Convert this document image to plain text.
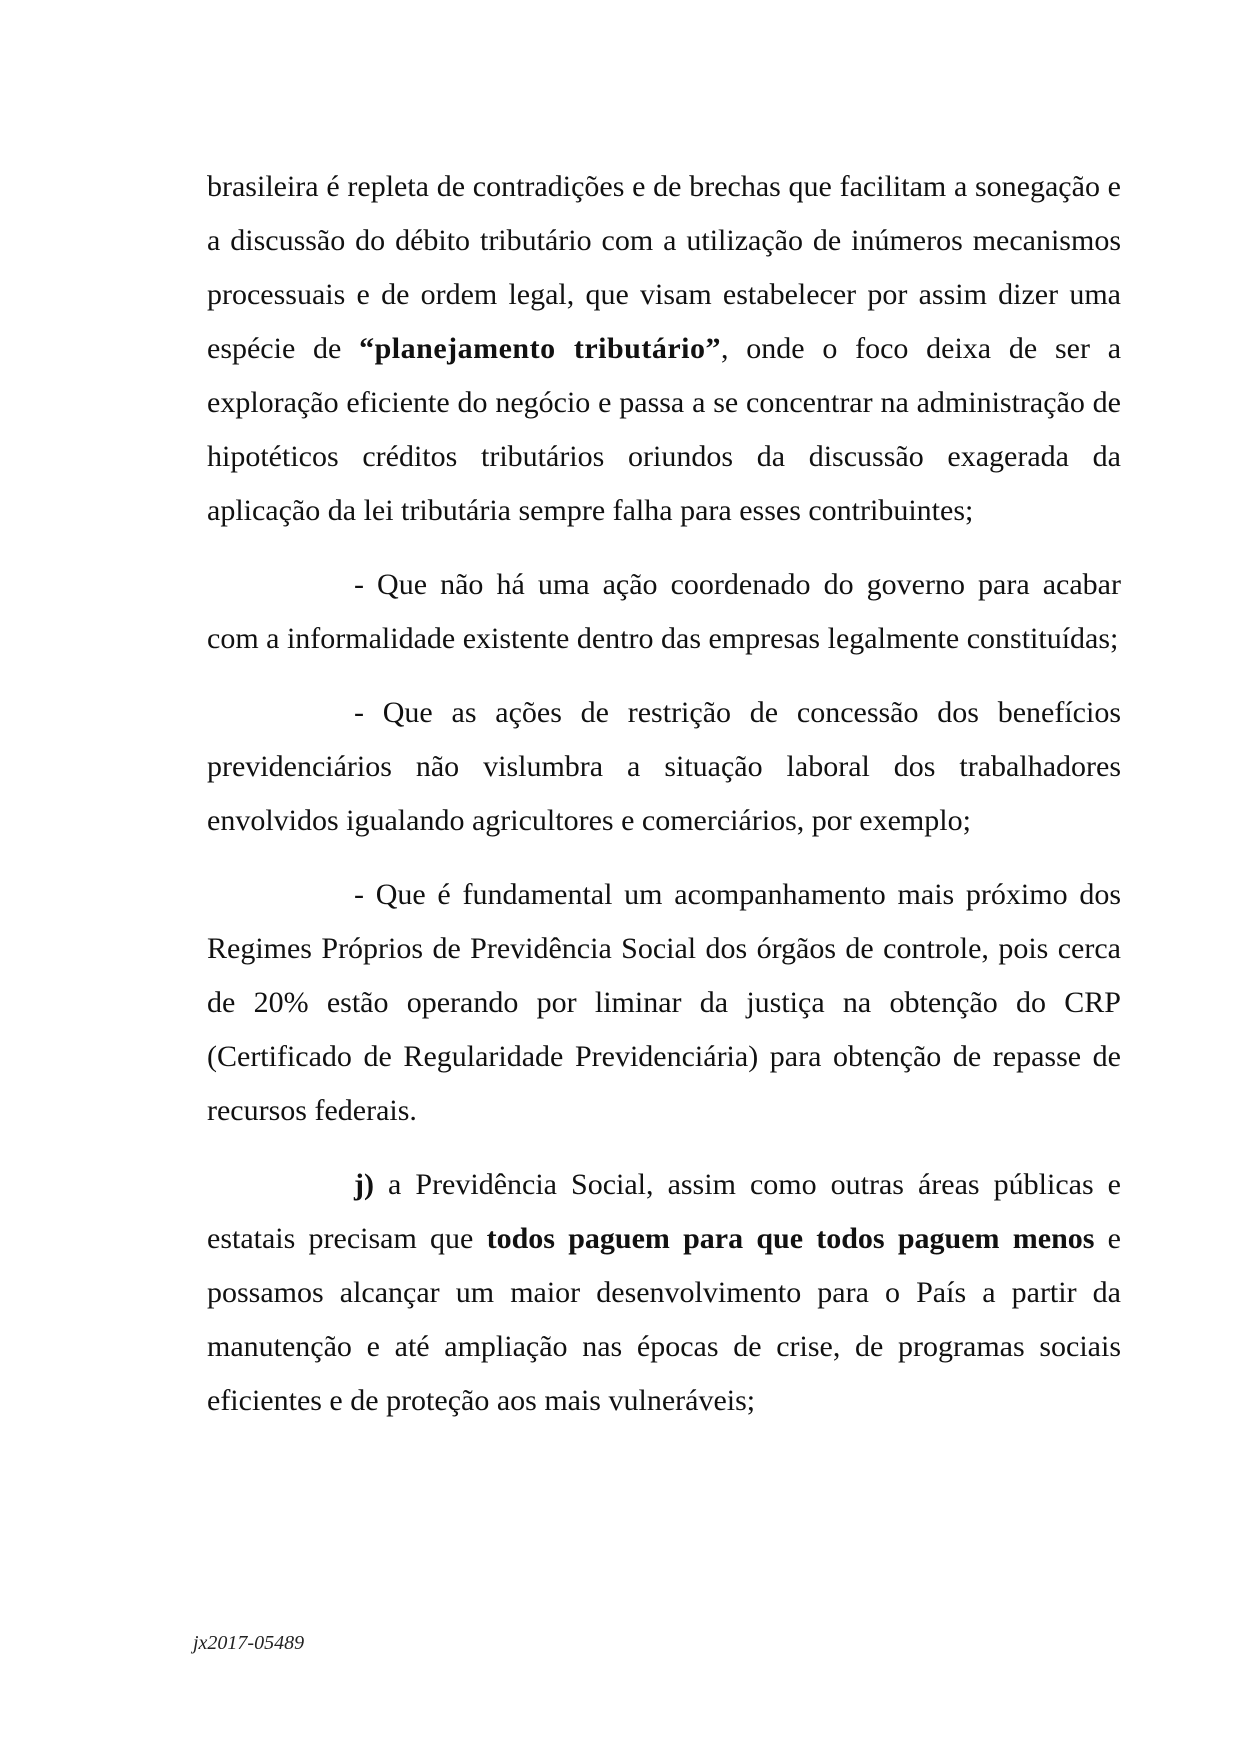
brasileira é repleta de contradições e de brechas que facilitam a sonegação e a discussão do débito tributário com a utilização de inúmeros mecanismos processuais e de ordem legal, que visam estabelecer por assim dizer uma espécie de “planejamento tributário”, onde o foco deixa de ser a exploração eficiente do negócio e passa a se concentrar na administração de hipotéticos créditos tributários oriundos da discussão exagerada da aplicação da lei tributária sempre falha para esses contribuintes;

- Que não há uma ação coordenado do governo para acabar com a informalidade existente dentro das empresas legalmente constituídas;

- Que as ações de restrição de concessão dos benefícios previdenciários não vislumbra a situação laboral dos trabalhadores envolvidos igualando agricultores e comerciários, por exemplo;

- Que é fundamental um acompanhamento mais próximo dos Regimes Próprios de Previdência Social dos órgãos de controle, pois cerca de 20% estão operando por liminar da justiça na obtenção do CRP (Certificado de Regularidade Previdenciária) para obtenção de repasse de recursos federais.

j) a Previdência Social, assim como outras áreas públicas e estatais precisam que todos paguem para que todos paguem menos e possamos alcançar um maior desenvolvimento para o País a partir da manutenção e até ampliação nas épocas de crise, de programas sociais eficientes e de proteção aos mais vulneráveis;

jx2017-05489
